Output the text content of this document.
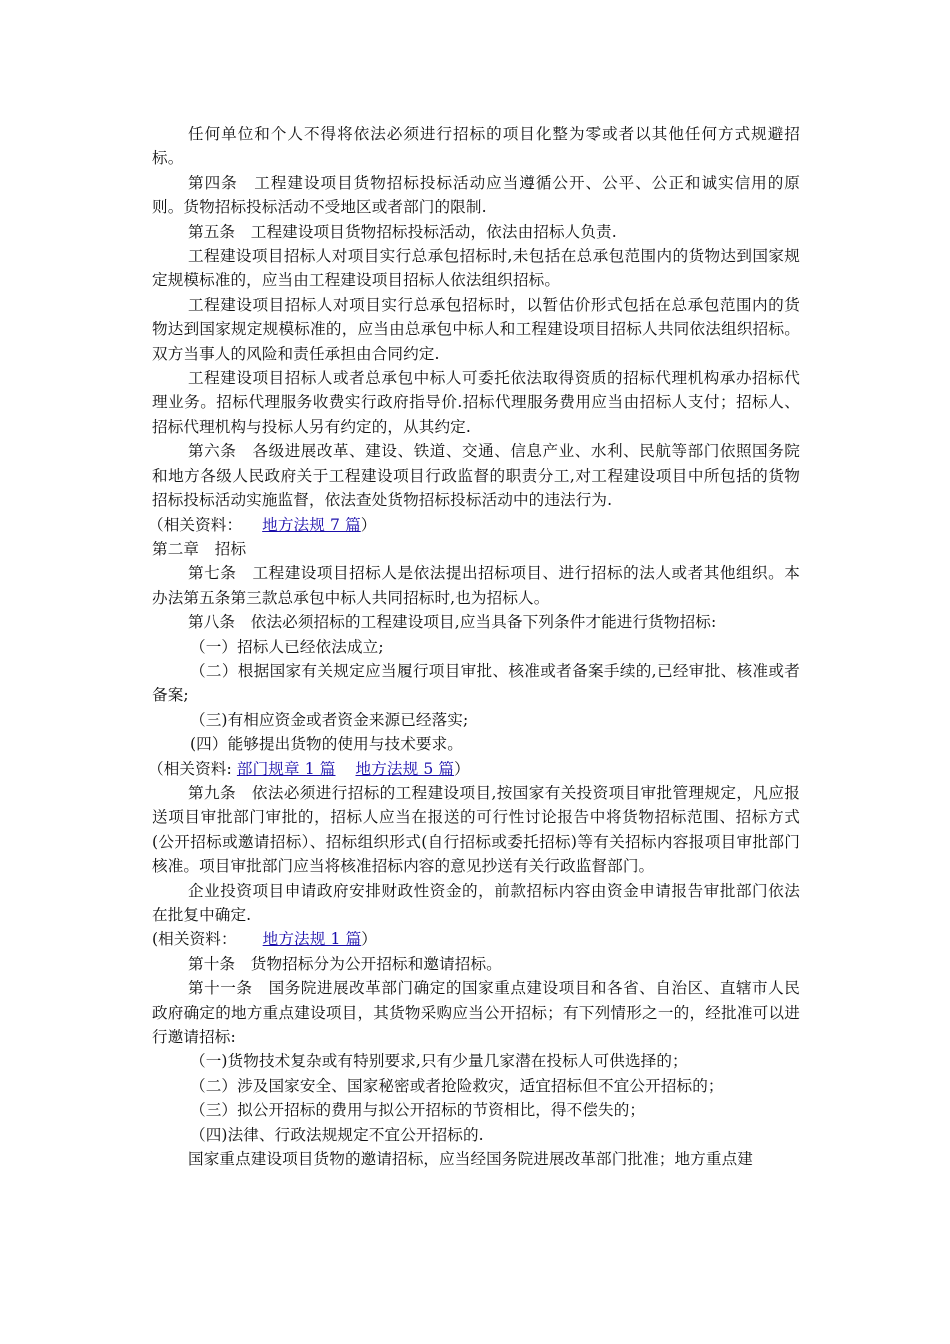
任何单位和个人不得将依法必须进行招标的项目化整为零或者以其他任何方式规避招标。

第四条　工程建设项目货物招标投标活动应当遵循公开、公平、公正和诚实信用的原则。货物招标投标活动不受地区或者部门的限制.

第五条　工程建设项目货物招标投标活动，依法由招标人负责.

工程建设项目招标人对项目实行总承包招标时,未包括在总承包范围内的货物达到国家规定规模标准的，应当由工程建设项目招标人依法组织招标。

工程建设项目招标人对项目实行总承包招标时，以暂估价形式包括在总承包范围内的货物达到国家规定规模标准的，应当由总承包中标人和工程建设项目招标人共同依法组织招标。双方当事人的风险和责任承担由合同约定.

工程建设项目招标人或者总承包中标人可委托依法取得资质的招标代理机构承办招标代理业务。招标代理服务收费实行政府指导价.招标代理服务费用应当由招标人支付；招标人、招标代理机构与投标人另有约定的，从其约定.

第六条　各级进展改革、建设、铁道、交通、信息产业、水利、民航等部门依照国务院和地方各级人民政府关于工程建设项目行政监督的职责分工,对工程建设项目中所包括的货物招标投标活动实施监督，依法查处货物招标投标活动中的违法行为.

（相关资料： 地方法规 7 篇）

第二章　招标

第七条　工程建设项目招标人是依法提出招标项目、进行招标的法人或者其他组织。本办法第五条第三款总承包中标人共同招标时,也为招标人。

第八条　依法必须招标的工程建设项目,应当具备下列条件才能进行货物招标:

（一）招标人已经依法成立;

（二）根据国家有关规定应当履行项目审批、核准或者备案手续的,已经审批、核准或者备案;

（三)有相应资金或者资金来源已经落实;

(四）能够提出货物的使用与技术要求。

（相关资料: 部门规章 1 篇 地方法规 5 篇）

第九条　依法必须进行招标的工程建设项目,按国家有关投资项目审批管理规定，凡应报送项目审批部门审批的，招标人应当在报送的可行性讨论报告中将货物招标范围、招标方式(公开招标或邀请招标）、招标组织形式(自行招标或委托招标)等有关招标内容报项目审批部门核准。项目审批部门应当将核准招标内容的意见抄送有关行政监督部门。

企业投资项目申请政府安排财政性资金的，前款招标内容由资金申请报告审批部门依法在批复中确定.

(相关资料： 地方法规 1 篇）

第十条　货物招标分为公开招标和邀请招标。

第十一条　国务院进展改革部门确定的国家重点建设项目和各省、自治区、直辖市人民政府确定的地方重点建设项目，其货物采购应当公开招标；有下列情形之一的，经批准可以进行邀请招标:

（一)货物技术复杂或有特别要求,只有少量几家潜在投标人可供选择的；

（二）涉及国家安全、国家秘密或者抢险救灾，适宜招标但不宜公开招标的；

（三）拟公开招标的费用与拟公开招标的节资相比，得不偿失的；

（四)法律、行政法规规定不宜公开招标的.

国家重点建设项目货物的邀请招标，应当经国务院进展改革部门批准；地方重点建
